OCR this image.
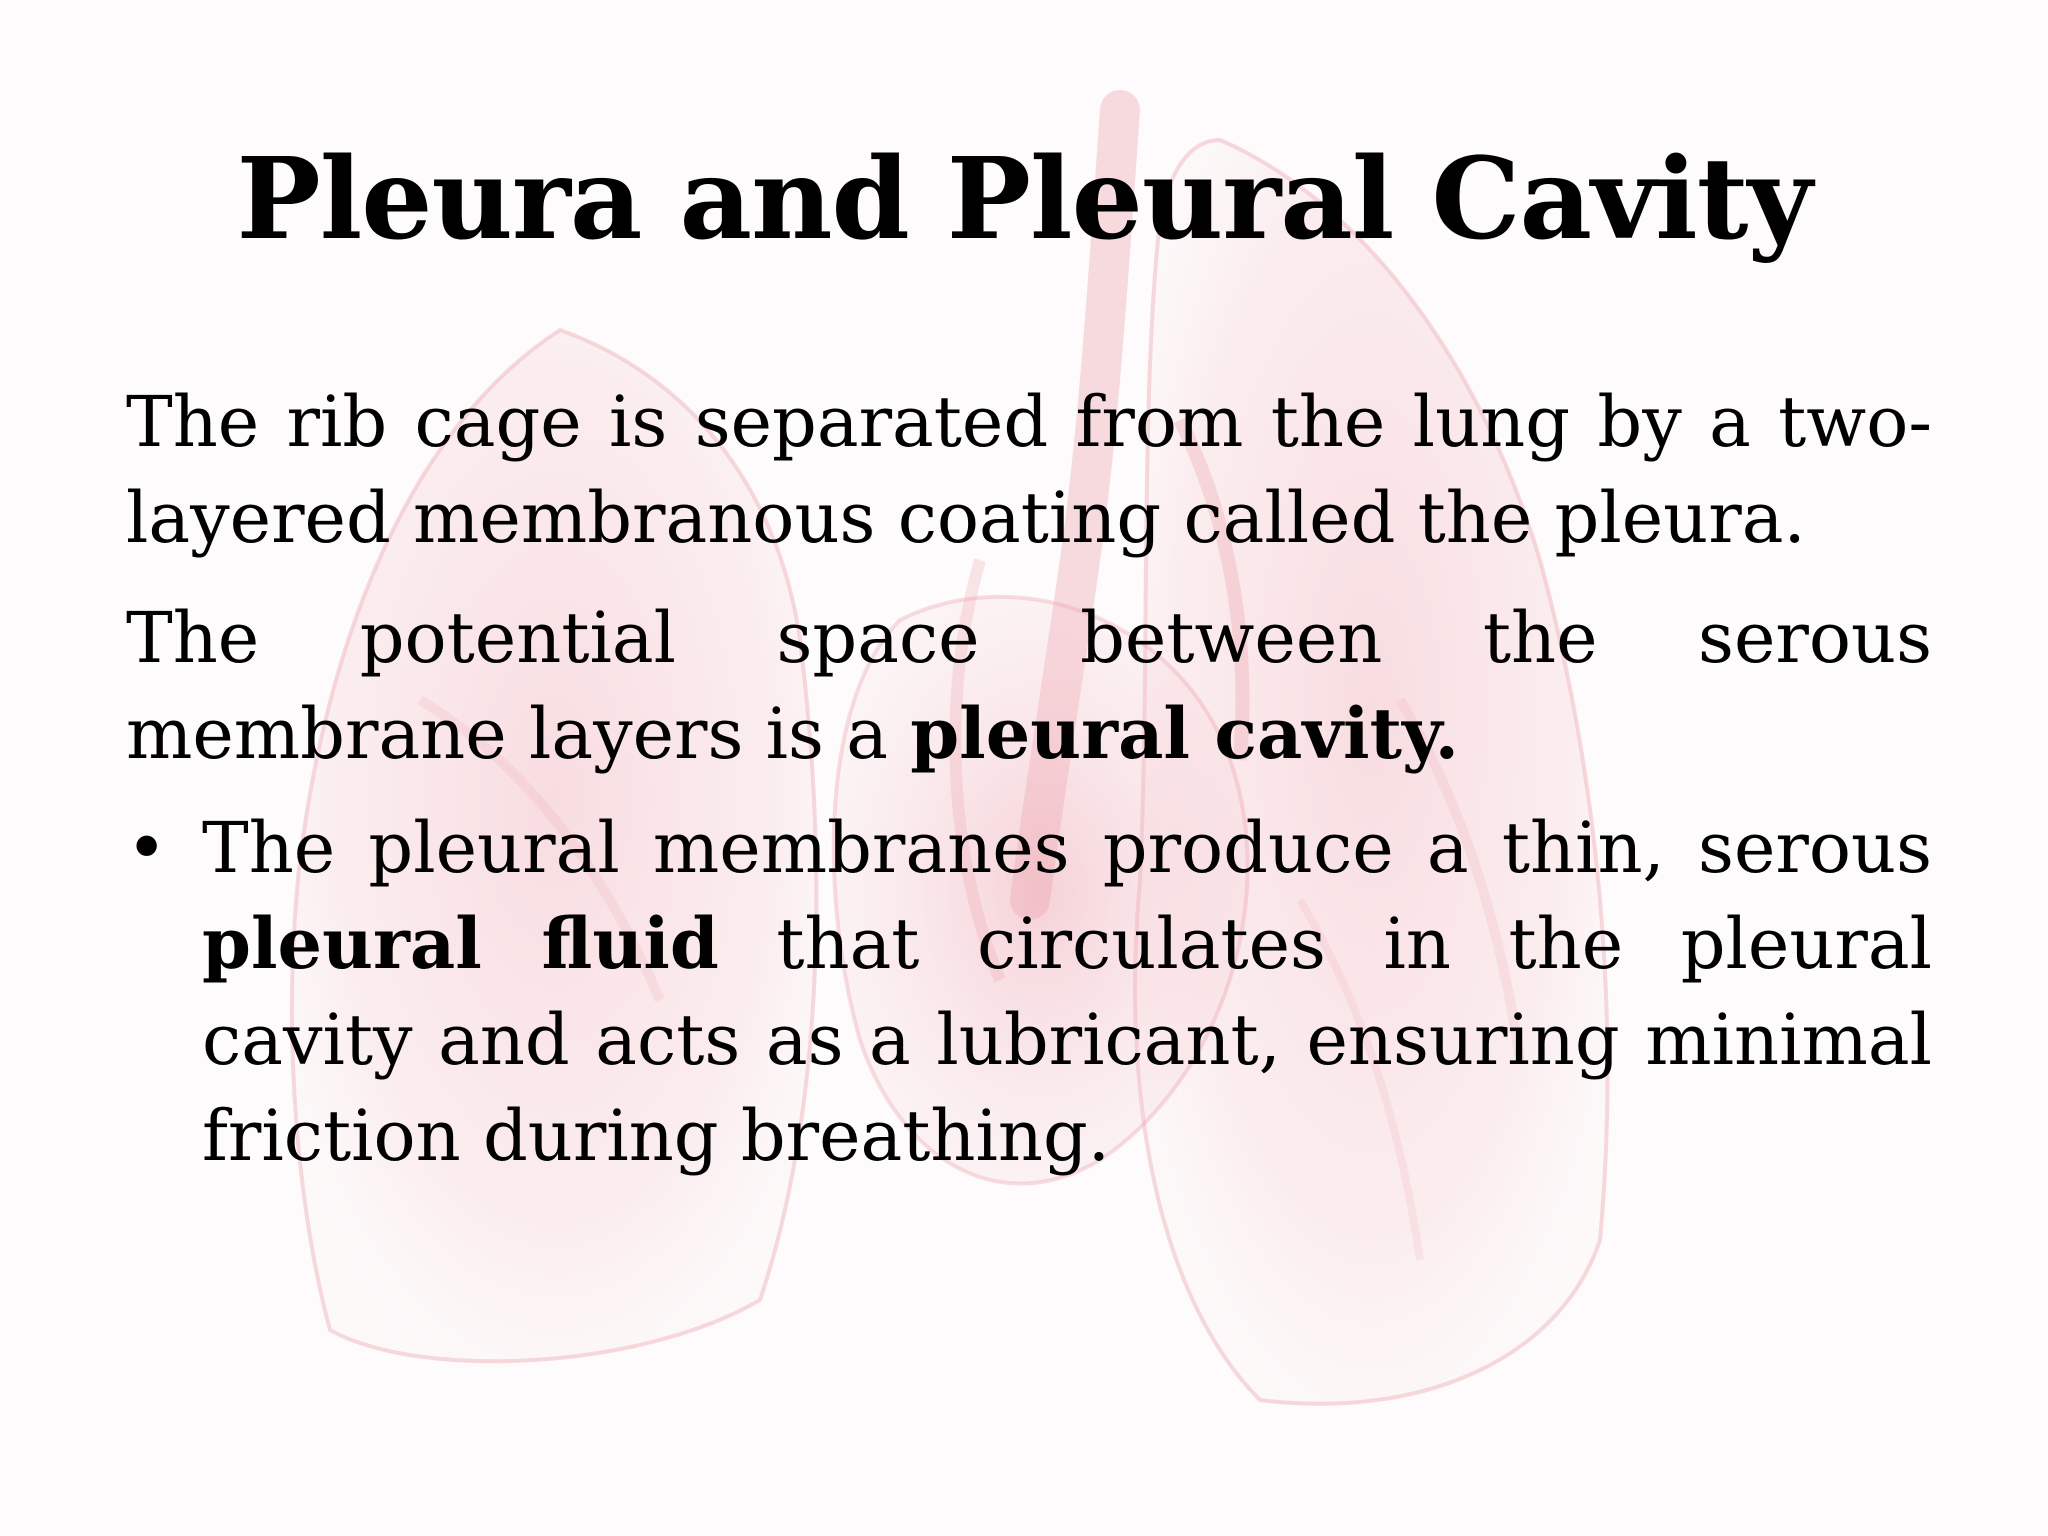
Pleura and Pleural Cavity

The rib cage is separated from the lung by a two-layered membranous coating called the pleura.

The potential space between the serous membrane layers is a pleural cavity.

• The pleural membranes produce a thin, serous pleural fluid that circulates in the pleural cavity and acts as a lubricant, ensuring minimal friction during breathing.
